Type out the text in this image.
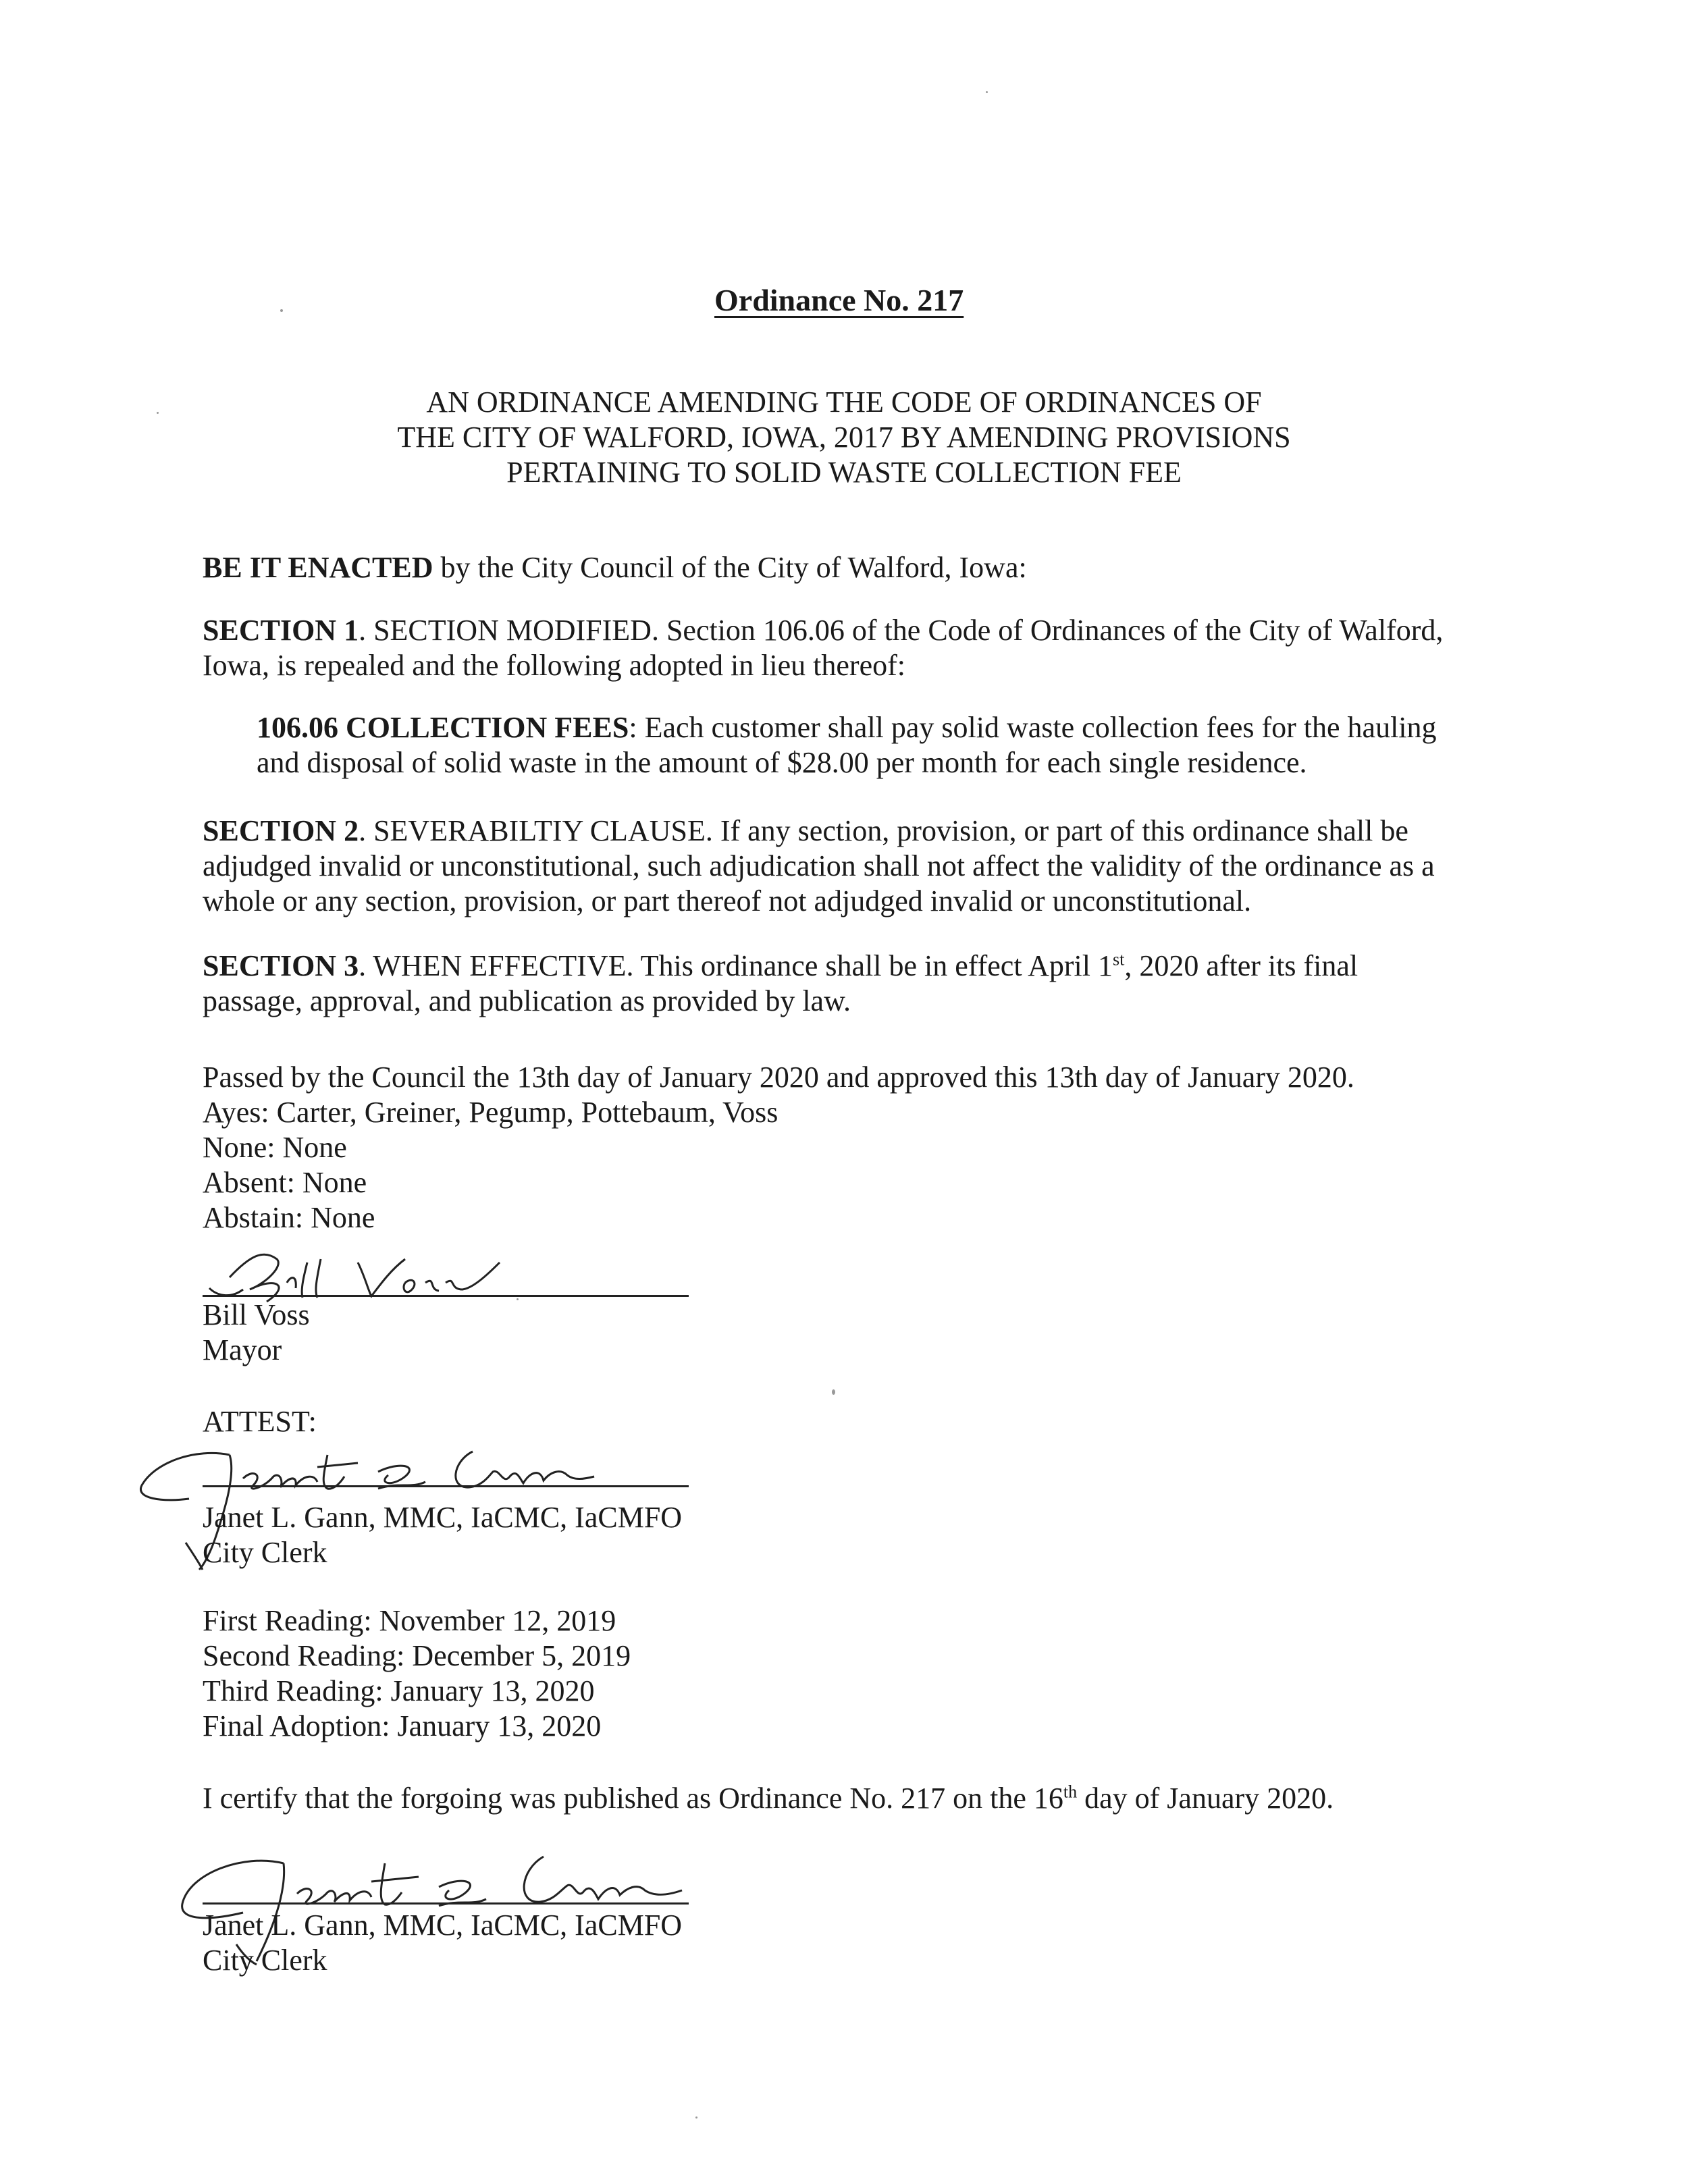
Ordinance No. 217
AN ORDINANCE AMENDING THE CODE OF ORDINANCES OF
THE CITY OF WALFORD, IOWA, 2017 BY AMENDING PROVISIONS
PERTAINING TO SOLID WASTE COLLECTION FEE
BE IT ENACTED by the City Council of the City of Walford, Iowa:
SECTION 1. SECTION MODIFIED. Section 106.06 of the Code of Ordinances of the City of Walford,
Iowa, is repealed and the following adopted in lieu thereof:
106.06 COLLECTION FEES: Each customer shall pay solid waste collection fees for the hauling
and disposal of solid waste in the amount of $28.00 per month for each single residence.
SECTION 2. SEVERABILTIY CLAUSE. If any section, provision, or part of this ordinance shall be
adjudged invalid or unconstitutional, such adjudication shall not affect the validity of the ordinance as a
whole or any section, provision, or part thereof not adjudged invalid or unconstitutional.
SECTION 3. WHEN EFFECTIVE. This ordinance shall be in effect April 1st, 2020 after its final
passage, approval, and publication as provided by law.
Passed by the Council the 13th day of January 2020 and approved this 13th day of January 2020.
Ayes: Carter, Greiner, Pegump, Pottebaum, Voss
None: None
Absent: None
Abstain: None
Bill Voss
Mayor
ATTEST:
Janet L. Gann, MMC, IaCMC, IaCMFO
City Clerk
First Reading: November 12, 2019
Second Reading: December 5, 2019
Third Reading: January 13, 2020
Final Adoption: January 13, 2020
I certify that the forgoing was published as Ordinance No. 217 on the 16th day of January 2020.
Janet L. Gann, MMC, IaCMC, IaCMFO
City Clerk
